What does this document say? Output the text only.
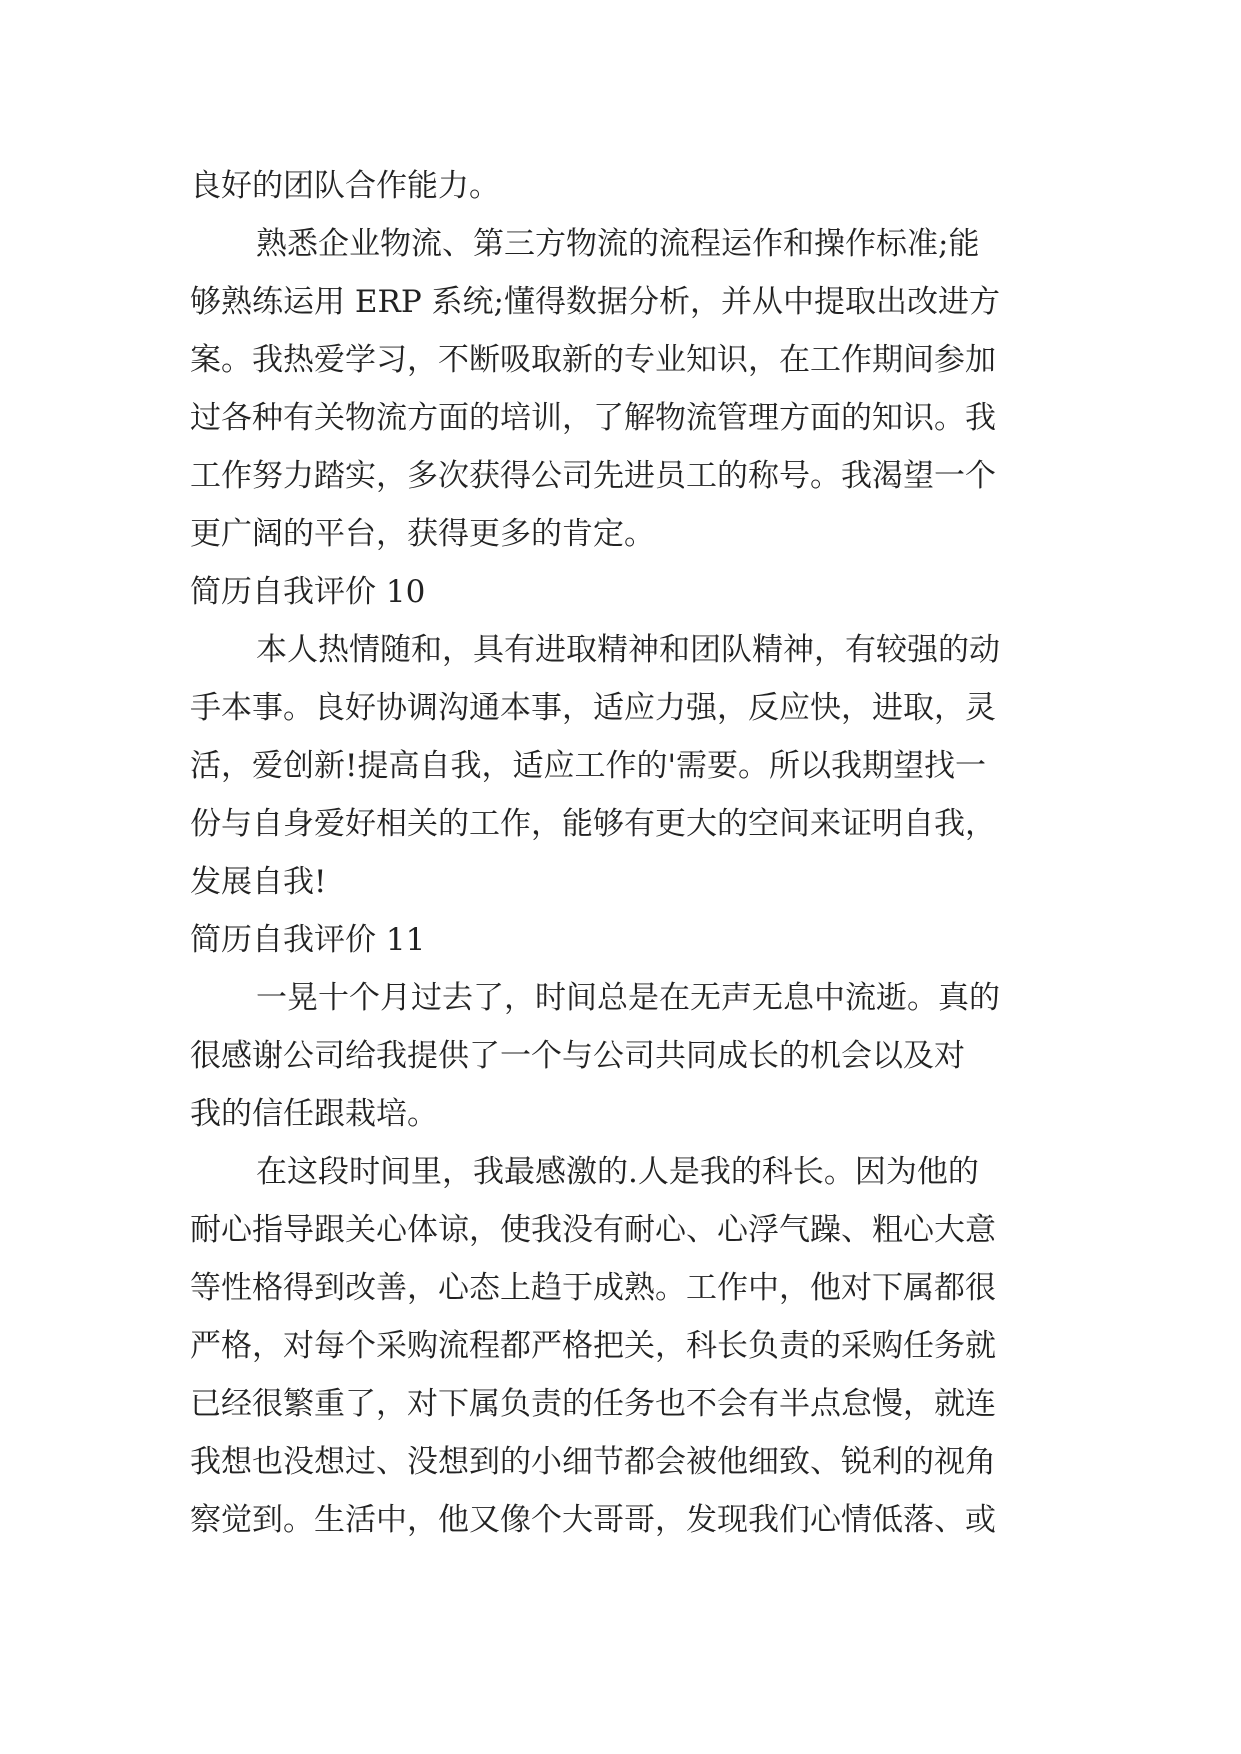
良好的团队合作能力。
熟悉企业物流、第三方物流的流程运作和操作标准;能
够熟练运用 ERP 系统;懂得数据分析，并从中提取出改进方
案。我热爱学习，不断吸取新的专业知识，在工作期间参加
过各种有关物流方面的培训，了解物流管理方面的知识。我
工作努力踏实，多次获得公司先进员工的称号。我渴望一个
更广阔的平台，获得更多的肯定。
简历自我评价 10
本人热情随和，具有进取精神和团队精神，有较强的动
手本事。良好协调沟通本事，适应力强，反应快，进取，灵
活，爱创新!提高自我，适应工作的'需要。所以我期望找一
份与自身爱好相关的工作，能够有更大的空间来证明自我，
发展自我!
简历自我评价 11
一晃十个月过去了，时间总是在无声无息中流逝。真的
很感谢公司给我提供了一个与公司共同成长的机会以及对
我的信任跟栽培。
在这段时间里，我最感激的.人是我的科长。因为他的
耐心指导跟关心体谅，使我没有耐心、心浮气躁、粗心大意
等性格得到改善，心态上趋于成熟。工作中，他对下属都很
严格，对每个采购流程都严格把关，科长负责的采购任务就
已经很繁重了，对下属负责的任务也不会有半点怠慢，就连
我想也没想过、没想到的小细节都会被他细致、锐利的视角
察觉到。生活中，他又像个大哥哥，发现我们心情低落、或
